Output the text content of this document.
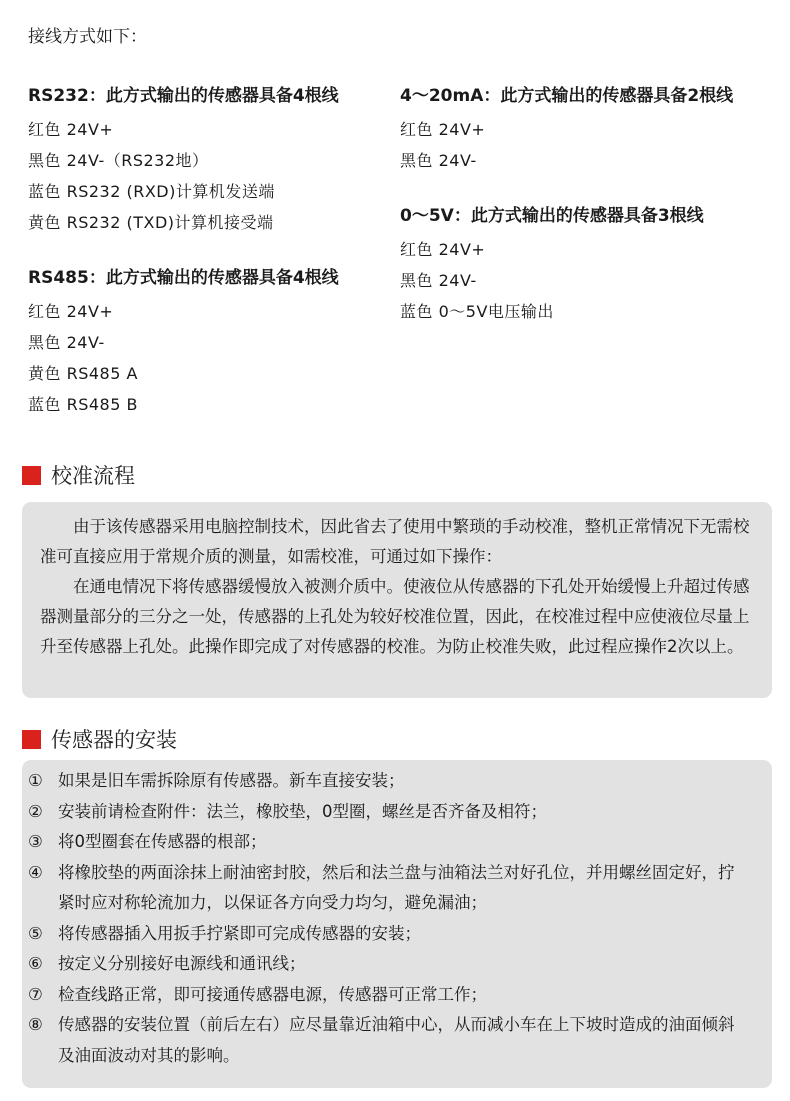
接线方式如下：
RS232：此方式输出的传感器具备4根线
红色 24V+
黑色 24V-（RS232地）
蓝色 RS232 (RXD)计算机发送端
黄色 RS232 (TXD)计算机接受端
RS485：此方式输出的传感器具备4根线
红色 24V+
黑色 24V-
黄色 RS485 A
蓝色 RS485 B
4～20mA：此方式输出的传感器具备2根线
红色 24V+
黑色 24V-
0～5V：此方式输出的传感器具备3根线
红色 24V+
黑色 24V-
蓝色 0～5V电压输出
校准流程

由于该传感器采用电脑控制技术，因此省去了使用中繁琐的手动校准，整机正常情况下无需校准可直接应用于常规介质的测量，如需校准，可通过如下操作：

在通电情况下将传感器缓慢放入被测介质中。使液位从传感器的下孔处开始缓慢上升超过传感器测量部分的三分之一处，传感器的上孔处为较好校准位置，因此，在校准过程中应使液位尽量上升至传感器上孔处。此操作即完成了对传感器的校准。为防止校准失败，此过程应操作2次以上。

传感器的安装
① 如果是旧车需拆除原有传感器。新车直接安装；
② 安装前请检查附件：法兰，橡胶垫，0型圈，螺丝是否齐备及相符；
③ 将0型圈套在传感器的根部；
④ 将橡胶垫的两面涂抹上耐油密封胶，然后和法兰盘与油箱法兰对好孔位，并用螺丝固定好，拧紧时应对称轮流加力，以保证各方向受力均匀，避免漏油；
⑤ 将传感器插入用扳手拧紧即可完成传感器的安装；
⑥ 按定义分别接好电源线和通讯线；
⑦ 检查线路正常，即可接通传感器电源，传感器可正常工作；
⑧ 传感器的安装位置（前后左右）应尽量靠近油箱中心，从而减小车在上下坡时造成的油面倾斜及油面波动对其的影响。
